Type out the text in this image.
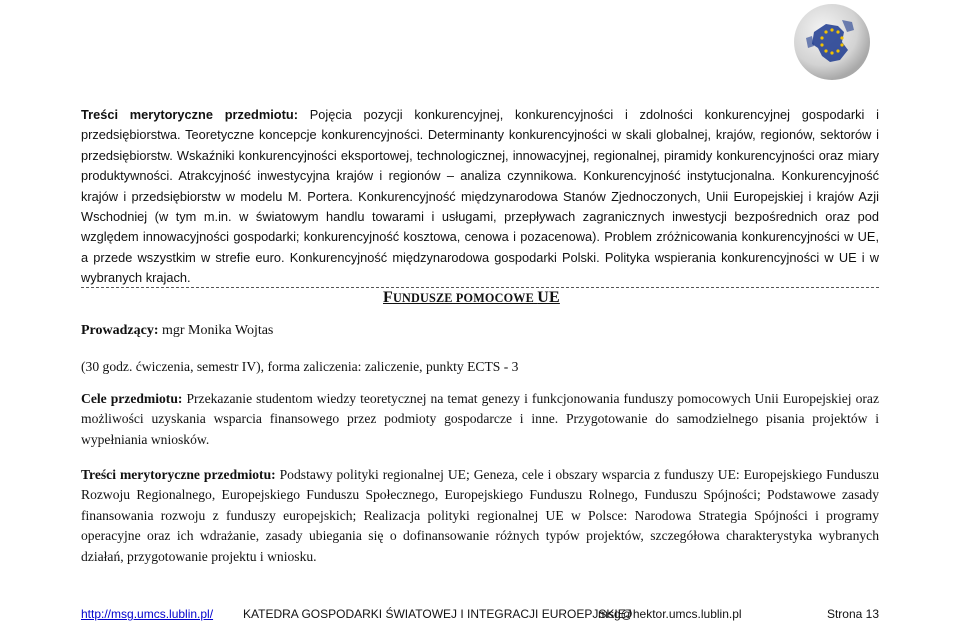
Treści merytoryczne przedmiotu: Pojęcia pozycji konkurencyjnej, konkurencyjności i zdolności konkurencyjnej gospodarki i przedsiębiorstwa. Teoretyczne koncepcje konkurencyjności. Determinanty konkurencyjności w skali globalnej, krajów, regionów, sektorów i przedsiębiorstw. Wskaźniki konkurencyjności eksportowej, technologicznej, innowacyjnej, regionalnej, piramidy konkurencyjności oraz miary produktywności. Atrakcyjność inwestycyjna krajów i regionów – analiza czynnikowa. Konkurencyjność instytucjonalna. Konkurencyjność krajów i przedsiębiorstw w modelu M. Portera. Konkurencyjność międzynarodowa Stanów Zjednoczonych, Unii Europejskiej i krajów Azji Wschodniej (w tym m.in. w światowym handlu towarami i usługami, przepływach zagranicznych inwestycji bezpośrednich oraz pod względem innowacyjności gospodarki; konkurencyjność kosztowa, cenowa i pozacenowa). Problem zróżnicowania konkurencyjności w UE, a przede wszystkim w strefie euro. Konkurencyjność międzynarodowa gospodarki Polski. Polityka wspierania konkurencyjności w UE i w wybranych krajach.
FUNDUSZE POMOCOWE UE
Prowadzący: mgr Monika Wojtas
(30 godz. ćwiczenia, semestr IV), forma zaliczenia: zaliczenie, punkty ECTS - 3
Cele przedmiotu: Przekazanie studentom wiedzy teoretycznej na temat genezy i funkcjonowania funduszy pomocowych Unii Europejskiej oraz możliwości uzyskania wsparcia finansowego przez podmioty gospodarcze i inne. Przygotowanie do samodzielnego pisania projektów i wypełniania wniosków.
Treści merytoryczne przedmiotu: Podstawy polityki regionalnej UE; Geneza, cele i obszary wsparcia z funduszy UE: Europejskiego Funduszu Rozwoju Regionalnego, Europejskiego Funduszu Społecznego, Europejskiego Funduszu Rolnego, Funduszu Spójności; Podstawowe zasady finansowania rozwoju z funduszy europejskich; Realizacja polityki regionalnej UE w Polsce: Narodowa Strategia Spójności i programy operacyjne oraz ich wdrażanie, zasady ubiegania się o dofinansowanie różnych typów projektów, szczegółowa charakterystyka wybranych działań, przygotowanie projektu i wniosku.
http://msg.umcs.lublin.pl/ KATEDRA GOSPODARKI ŚWIATOWEJ I INTEGRACJI EUROEPJSKIEJ
msg@hektor.umcs.lublin.pl	Strona 13
